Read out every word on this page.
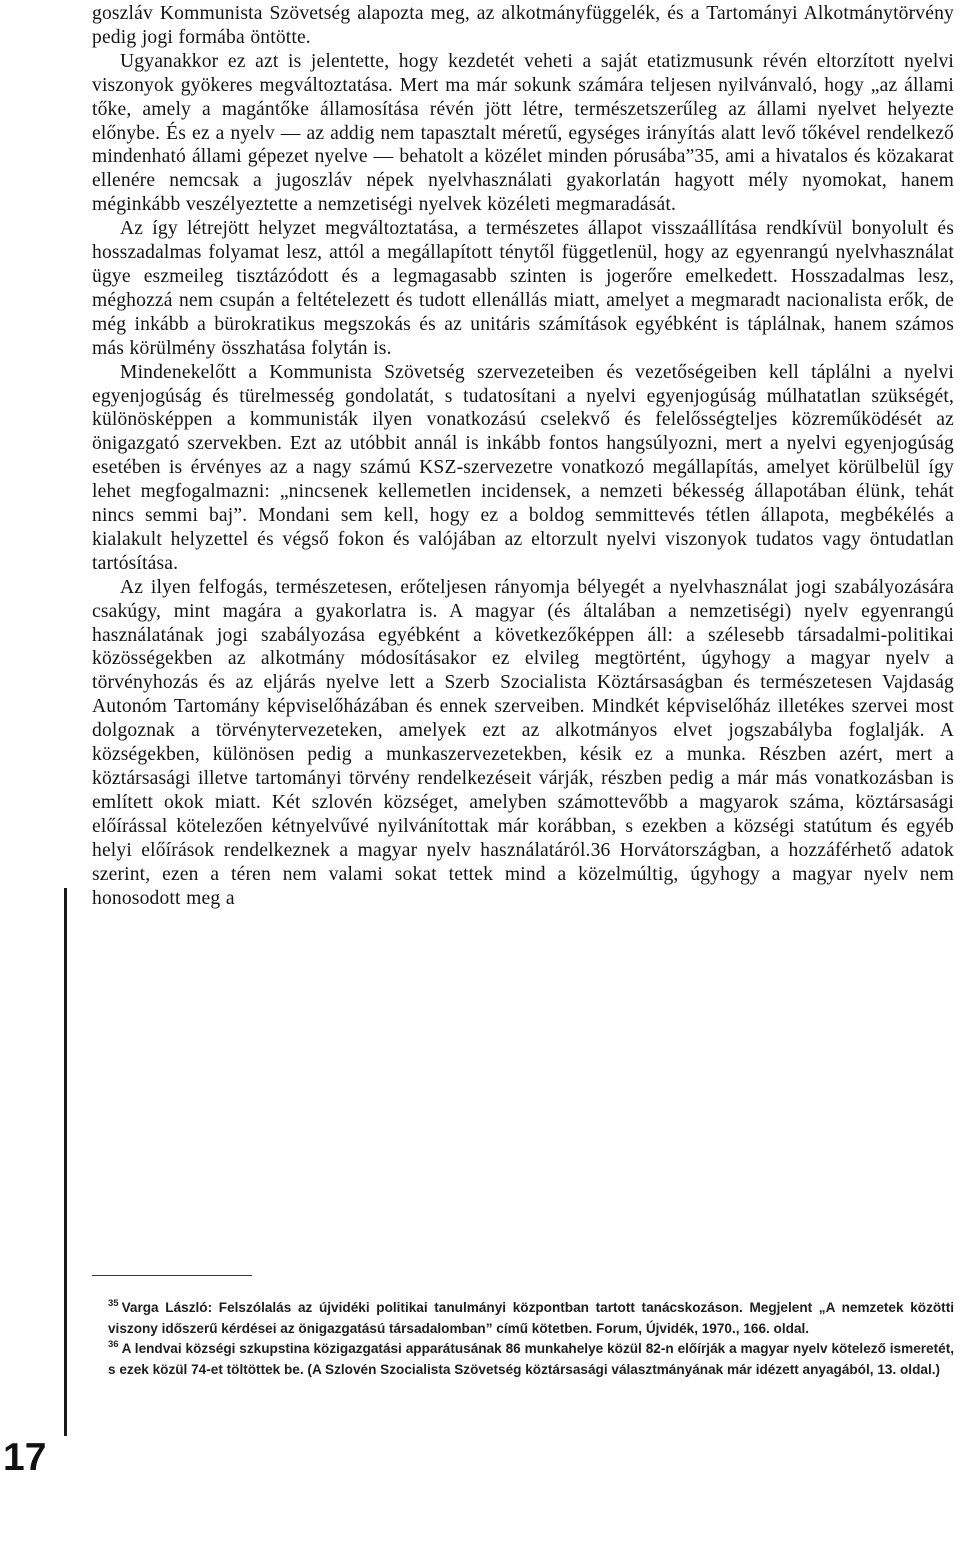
goszláv Kommunista Szövetség alapozta meg, az alkotmányfüggelék, és a Tartományi Alkotmánytörvény pedig jogi formába öntötte.

Ugyanakkor ez azt is jelentette, hogy kezdetét veheti a saját etatizmusunk révén eltorzított nyelvi viszonyok gyökeres megváltoztatása. Mert ma már sokunk számára teljesen nyilvánvaló, hogy „az állami tőke, amely a magántőke államosítása révén jött létre, természetszerűleg az állami nyelvet helyezte előnybe. És ez a nyelv — az addig nem tapasztalt méretű, egységes irányítás alatt levő tőkével rendelkező mindenható állami gépezet nyelve — behatolt a közélet minden pórusába”35, ami a hivatalos és közakarat ellenére nemcsak a jugoszláv népek nyelvhasználati gyakorlatán hagyott mély nyomokat, hanem méginkább veszélyeztette a nemzetiségi nyelvek közéleti megmaradását.

Az így létrejött helyzet megváltoztatása, a természetes állapot visszaállítása rendkívül bonyolult és hosszadalmas folyamat lesz, attól a megállapított ténytől függetlenül, hogy az egyenrangú nyelvhasználat ügye eszmeileg tisztázódott és a legmagasabb szinten is jogerőre emelkedett. Hosszadalmas lesz, méghozzá nem csupán a feltételezett és tudott ellenállás miatt, amelyet a megmaradt nacionalista erők, de még inkább a bürokratikus megszokás és az unitáris számítások egyébként is táplálnak, hanem számos más körülmény összhatása folytán is.

Mindenekelőtt a Kommunista Szövetség szervezeteiben és vezetőségeiben kell táplálni a nyelvi egyenjogúság és türelmesség gondolatát, s tudatosítani a nyelvi egyenjogúság múlhatatlan szükségét, különösképpen a kommunisták ilyen vonatkozású cselekvő és felelősségteljes közreműködését az önigazgató szervekben. Ezt az utóbbit annál is inkább fontos hangsúlyozni, mert a nyelvi egyenjogúság esetében is érvényes az a nagy számú KSZ-szervezetre vonatkozó megállapítás, amelyet körülbelül így lehet megfogalmazni: „nincsenek kellemetlen incidensek, a nemzeti békesség állapotában élünk, tehát nincs semmi baj”. Mondani sem kell, hogy ez a boldog semmittevés tétlen állapota, megbékélés a kialakult helyzettel és végső fokon és valójában az eltorzult nyelvi viszonyok tudatos vagy öntudatlan tartósítása.

Az ilyen felfogás, természetesen, erőteljesen rányomja bélyegét a nyelvhasználat jogi szabályozására csakúgy, mint magára a gyakorlatra is. A magyar (és általában a nemzetiségi) nyelv egyenrangú használatának jogi szabályozása egyébként a következőképpen áll: a szélesebb társadalmi-politikai közösségekben az alkotmány módosításakor ez elvileg megtörtént, úgyhogy a magyar nyelv a törvényhozás és az eljárás nyelve lett a Szerb Szocialista Köztársaságban és természetesen Vajdaság Autonóm Tartomány képviselőházában és ennek szerveiben. Mindkét képviselőház illetékes szervei most dolgoznak a törvénytervezeteken, amelyek ezt az alkotmányos elvet jogszabályba foglalják. A községekben, különösen pedig a munkaszervezetekben, késik ez a munka. Részben azért, mert a köztársasági illetve tartományi törvény rendelkezéseit várják, részben pedig a már más vonatkozásban is említett okok miatt. Két szlovén községet, amelyben számottevőbb a magyarok száma, köztársasági előírással kötelezően kétnyelvűvé nyilvánítottak már korábban, s ezekben a községi statútum és egyéb helyi előírások rendelkeznek a magyar nyelv használatáról.36 Horvátországban, a hozzáférhető adatok szerint, ezen a téren nem valami sokat tettek mind a közelmúltig, úgyhogy a magyar nyelv nem honosodott meg a

$^{35}$ Varga László: Felszólalás az újvidéki politikai tanulmányi központban tartott tanácskozáson. Megjelent „A nemzetek közötti viszony időszerű kérdései az önigazgatású társadalomban” című kötetben. Forum, Újvidék, 1970., 166. oldal.

$^{36}$ A lendvai községi szkupstina közigazgatási apparátusának 86 munkahelye közül 82-n előírják a magyar nyelv kötelező ismeretét, s ezek közül 74-et töltöttek be. (A Szlovén Szocialista Szövetség köztársasági választmányának már idézett anyagából, 13. oldal.)

17
